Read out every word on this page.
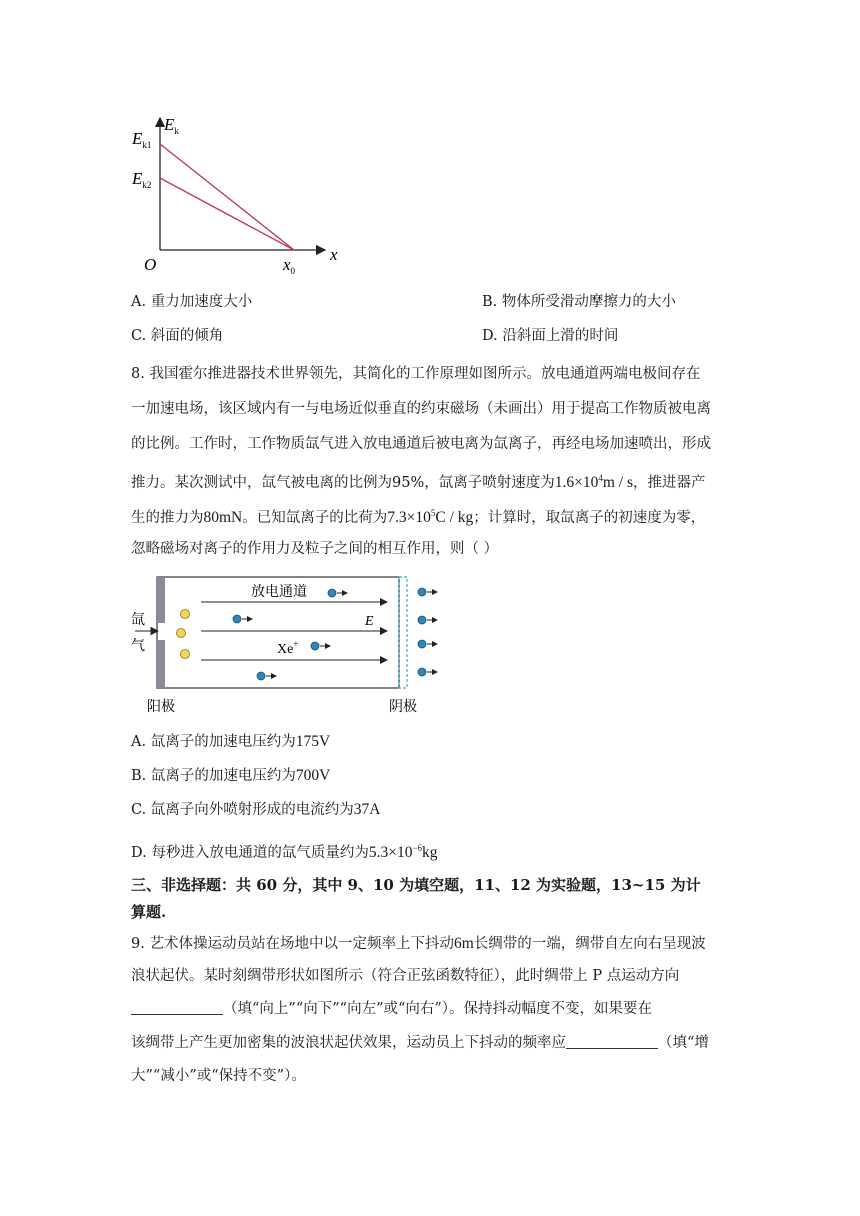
$E_k$
$E_{k1}$
$E_{k2}$
O	$x_0$
x
A. 重力加速度大小	B. 物体所受滑动摩擦力的大小
C. 斜面的倾角	D. 沿斜面上滑的时间
8. 我国霍尔推进器技术世界领先，其简化的工作原理如图所示。放电通道两端电极间存在
一加速电场，该区域内有一与电场近似垂直的约束磁场（未画出）用于提高工作物质被电离
的比例。工作时，工作物质氙气进入放电通道后被电离为氙离子，再经电场加速喷出，形成
推力。某次测试中，氙气被电离的比例为95%，氙离子喷射速度为$1.6\times 10^4m / s$，推进器产
生的推力为80mN。已知氙离子的比荷为$7.3\times 10^5C$ / kg；计算时，取氙离子的初速度为零，
忽略磁场对离子的作用力及粒子之间的相互作用，则（ ）
放电通道
E
Xe+
氙
气
阳极	阴极
A. 氙离子的加速电压约为175V
B. 氙离子的加速电压约为700V
C. 氙离子向外喷射形成的电流约为37A
D. 每秒进入放电通道的氙气质量约为$5.3\times 10^{-6}kg$
三、非选择题：共 60 分，其中 9、10 为填空题，11、12 为实验题，13~15 为计
算题.
9. 艺术体操运动员站在场地中以一定频率上下抖动6m长绸带的一端，绸带自左向右呈现波
浪状起伏。某时刻绸带形状如图所示（符合正弦函数特征），此时绸带上 P 点运动方向
（填“向上”“向下”“向左”或“向右”）。保持抖动幅度不变，如果要在
该绸带上产生更加密集的波浪状起伏效果，运动员上下抖动的频率应	（填“增
大”“减小”或“保持不变”）。
